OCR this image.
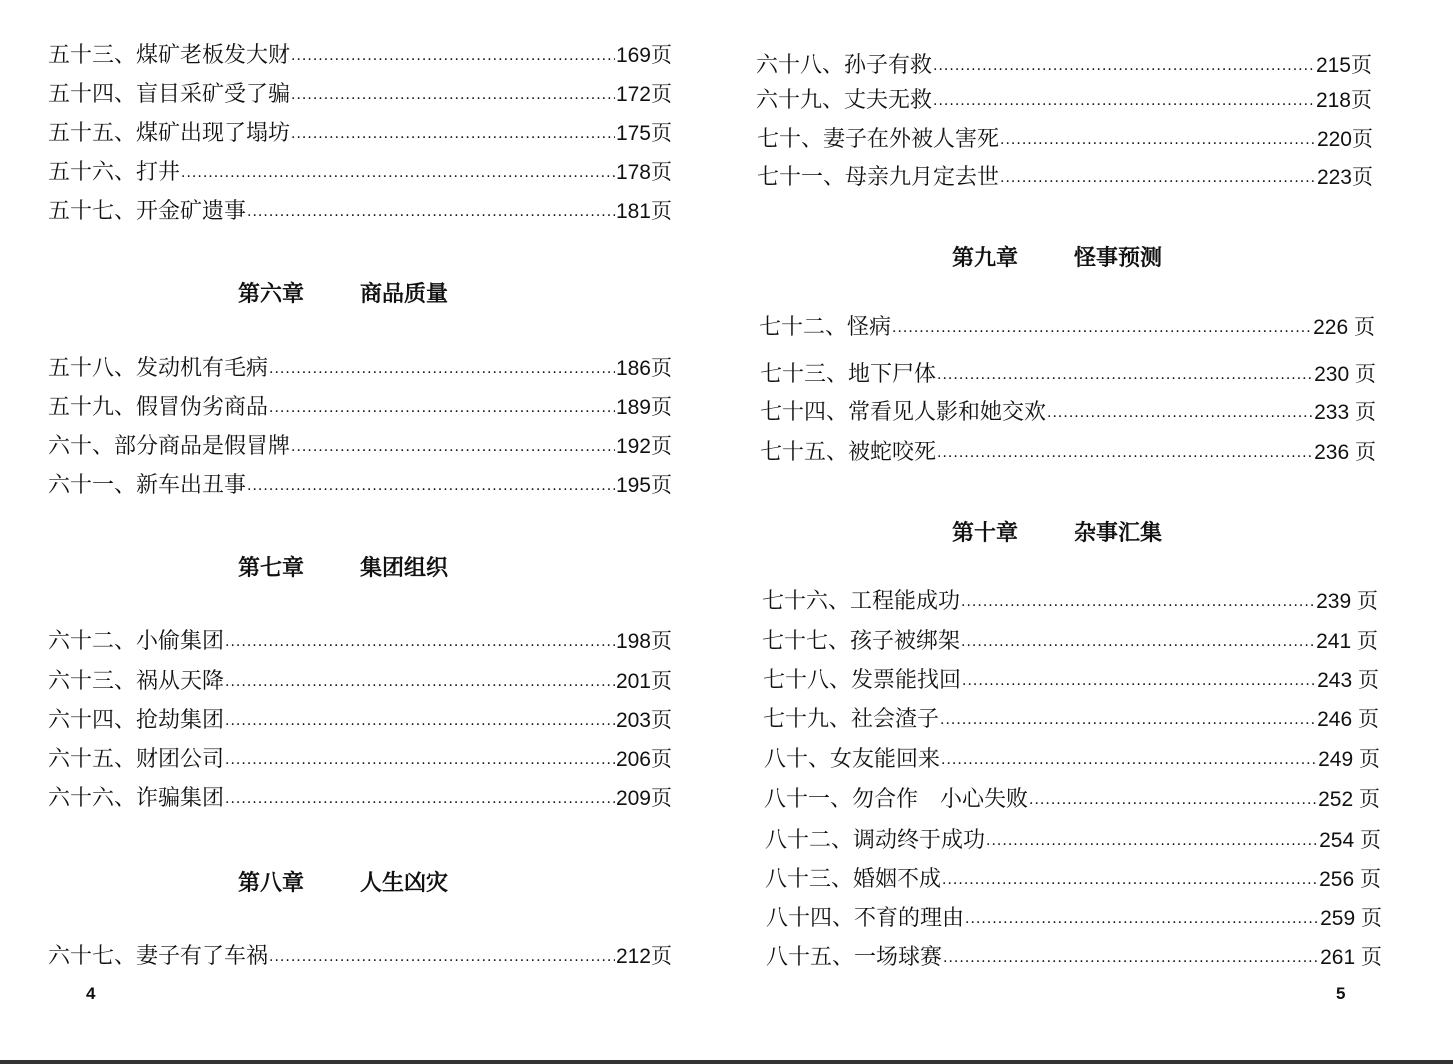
五十三、煤矿老板发大财 ·····	169页
五十四、盲目采矿受了骗 ·····	172页
五十五、煤矿出现了塌坊 ·····	175页
五十六、打井 ·····	178页
五十七、开金矿遗事 ·····	181页
第六章	商品质量
五十八、发动机有毛病 ·····	186页
五十九、假冒伪劣商品 ·····	189页
六十、部分商品是假冒牌 ·····	192页
六十一、新车出丑事 ·····	195页
第七章	集团组织
六十二、小偷集团 ·····	198页
六十三、祸从天降 ·····	201页
六十四、抢劫集团 ·····	203页
六十五、财团公司 ·····	206页
六十六、诈骗集团 ·····	209页
第八章	人生凶灾
六十七、妻子有了车祸 ·····	212页
六十八、孙子有救 ·····	215页
六十九、丈夫无救 ·····	218页
七十、妻子在外被人害死 ·····	220页
七十一、母亲九月定去世 ·····	223页
第九章	怪事预测
七十二、怪病 ·····	226 页
七十三、地下尸体 ·····	230 页
七十四、常看见人影和她交欢 ·····	233 页
七十五、被蛇咬死 ·····	236 页
第十章	杂事汇集
七十六、工程能成功 ·····	239 页
七十七、孩子被绑架 ·····	241 页
七十八、发票能找回 ·····	243 页
七十九、社会渣子 ·····	246 页
八十、女友能回来 ·····	249 页
八十一、勿合作　小心失败 ·····	252 页
八十二、调动终于成功 ·····	254 页
八十三、婚姻不成 ·····	256 页
八十四、不育的理由 ·····	259 页
八十五、一场球赛 ·····	261 页
4	5
